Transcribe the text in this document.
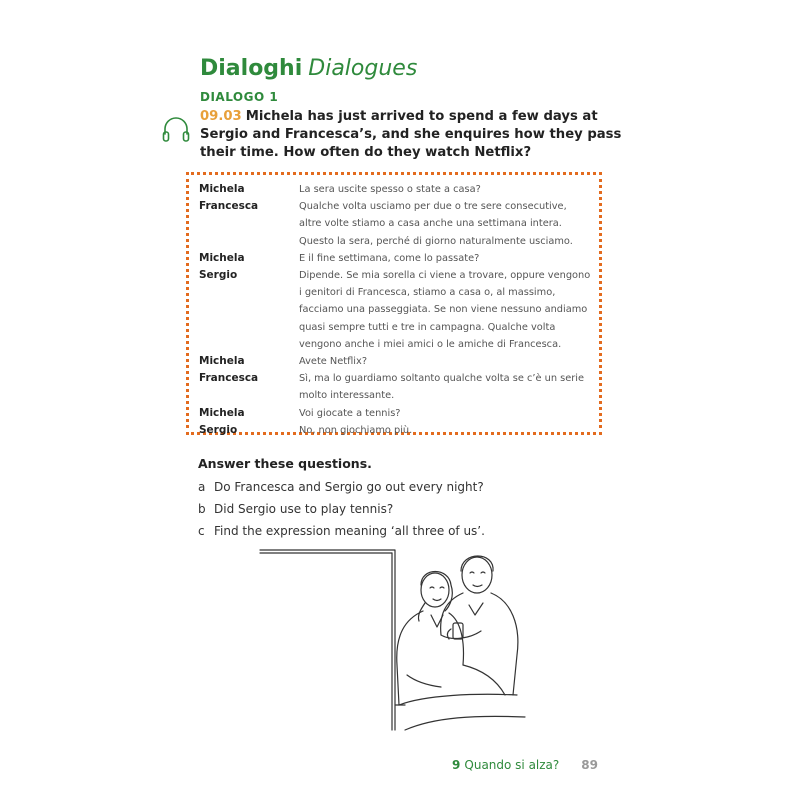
Dialoghi Dialogues
DIALOGO 1

09.03 Michela has just arrived to spend a few days at Sergio and Francesca’s, and she enquires how they pass their time. How often do they watch Netflix?

Michela	La sera uscite spesso o state a casa?
Francesca	Qualche volta usciamo per due o tre sere consecutive, altre volte stiamo a casa anche una settimana intera. Questo la sera, perché di giorno naturalmente usciamo.
Michela	E il fine settimana, come lo passate?
Sergio	Dipende. Se mia sorella ci viene a trovare, oppure vengono i genitori di Francesca, stiamo a casa o, al massimo, facciamo una passeggiata. Se non viene nessuno andiamo quasi sempre tutti e tre in campagna. Qualche volta vengono anche i miei amici o le amiche di Francesca.
Michela	Avete Netflix?
Francesca	Sì, ma lo guardiamo soltanto qualche volta se c’è un serie molto interessante.
Michela	Voi giocate a tennis?
Sergio	No, non giochiamo più.
Answer these questions.
a Do Francesca and Sergio go out every night?
b Did Sergio use to play tennis?
c Find the expression meaning ‘all three of us’.

9 Quando si alza? 89
